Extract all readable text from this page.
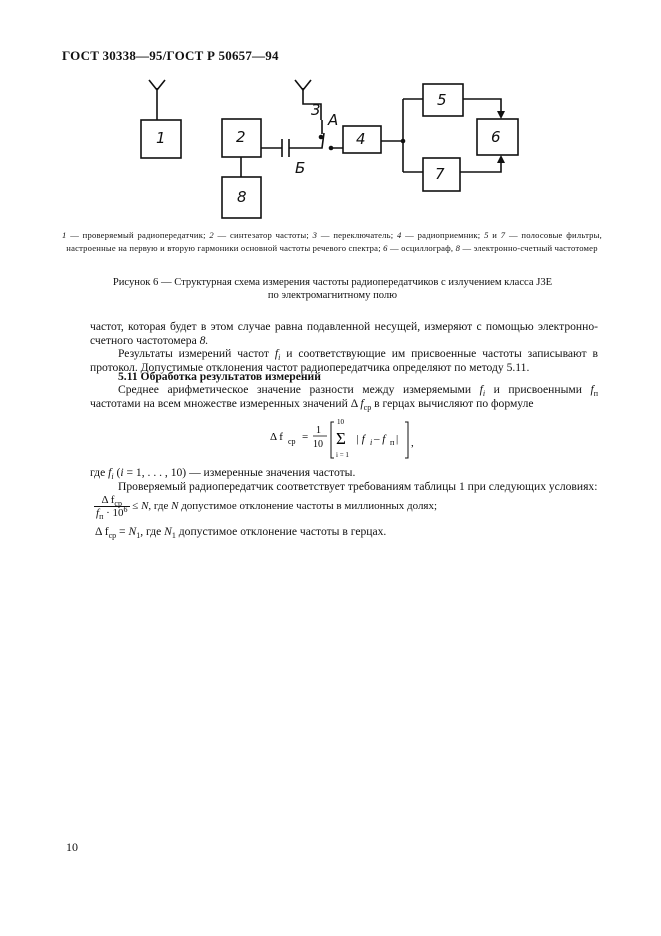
ГОСТ 30338—95/ГОСТ Р 50657—94
1	2
3
4
5
6
7
8
А
Б
1 — проверяемый радиопередатчик; 2 — синтезатор частоты; 3 — переключатель; 4 — радиоприемник; 5 и 7 — полосовые фильтры, настроенные на первую и вторую гармоники основной частоты речевого спектра; 6 — осциллограф, 8 — электронно-счетный частотомер
Рисунок 6 — Структурная схема измерения частоты радиопередатчиков с излучением класса J3E
по электромагнитному полю
частот, которая будет в этом случае равна подавленной несущей, измеряют с помощью электронно-счетного частотомера 8.
Результаты измерений частот $f_i$ и соответствующие им присвоенные частоты записывают в протокол. Допустимые отклонения частот радиопередатчика определяют по методу 5.11.
5.11 Обработка результатов измерений
Среднее арифметическое значение разности между измеряемыми $f_i$ и присвоенными $f_п$ частотами на всем множестве измеренных значений Δ $f_{ср}$ в герцах вычисляют по формуле
Δ f ср =
1
10
10
Σ
i = 1
| f i – f п | ,
где $f_i$ (i = 1, . . . , 10) — измеренные значения частоты.
Проверяемый радиопередатчик соответствует требованиям таблицы 1 при следующих условиях:
Δ $f_{ср}$
$f_п \cdot 10^6 \le N$, где N допустимое отклонение частоты в миллионных долях;
Δ $f_{ср} = N_1$, где $N_1$ допустимое отклонение частоты в герцах.
10
